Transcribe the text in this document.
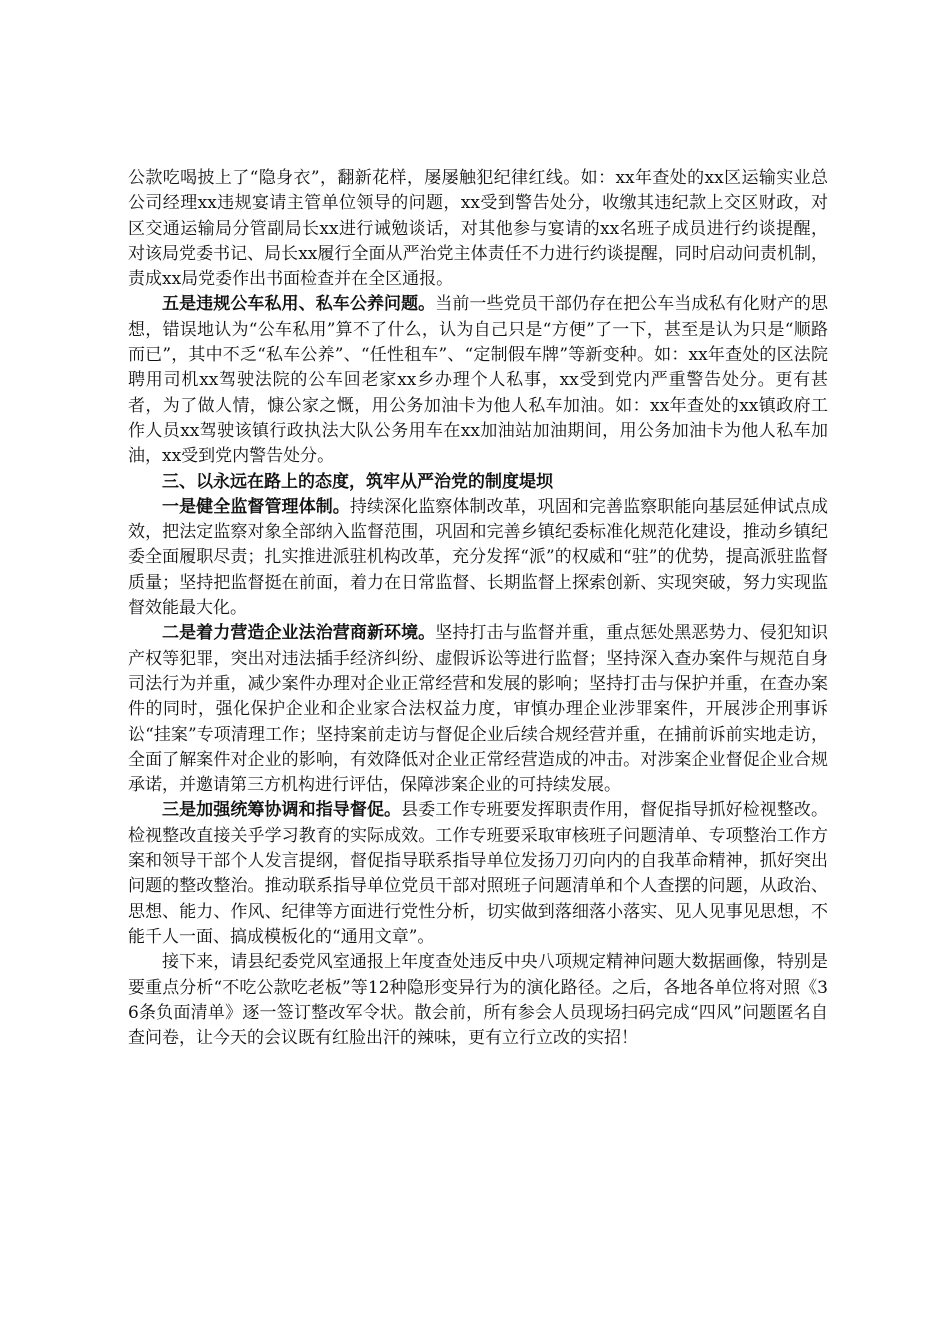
公款吃喝披上了“隐身衣”，翻新花样，屡屡触犯纪律红线。如：xx年查处的xx区运输实业总公司经理xx违规宴请主管单位领导的问题，xx受到警告处分，收缴其违纪款上交区财政，对区交通运输局分管副局长xx进行诫勉谈话，对其他参与宴请的xx名班子成员进行约谈提醒，对该局党委书记、局长xx履行全面从严治党主体责任不力进行约谈提醒，同时启动问责机制，责成xx局党委作出书面检查并在全区通报。

五是违规公车私用、私车公养问题。当前一些党员干部仍存在把公车当成私有化财产的思想，错误地认为“公车私用”算不了什么，认为自己只是“方便”了一下，甚至是认为只是“顺路而已”，其中不乏“私车公养”、“任性租车”、“定制假车牌”等新变种。如：xx年查处的区法院聘用司机xx驾驶法院的公车回老家xx乡办理个人私事，xx受到党内严重警告处分。更有甚者，为了做人情，慷公家之慨，用公务加油卡为他人私车加油。如：xx年查处的xx镇政府工作人员xx驾驶该镇行政执法大队公务用车在xx加油站加油期间，用公务加油卡为他人私车加油，xx受到党内警告处分。

三、以永远在路上的态度，筑牢从严治党的制度堤坝

一是健全监督管理体制。持续深化监察体制改革，巩固和完善监察职能向基层延伸试点成效，把法定监察对象全部纳入监督范围，巩固和完善乡镇纪委标准化规范化建设，推动乡镇纪委全面履职尽责；扎实推进派驻机构改革，充分发挥“派”的权威和“驻”的优势，提高派驻监督质量；坚持把监督挺在前面，着力在日常监督、长期监督上探索创新、实现突破，努力实现监督效能最大化。

二是着力营造企业法治营商新环境。坚持打击与监督并重，重点惩处黑恶势力、侵犯知识产权等犯罪，突出对违法插手经济纠纷、虚假诉讼等进行监督；坚持深入查办案件与规范自身司法行为并重，减少案件办理对企业正常经营和发展的影响；坚持打击与保护并重，在查办案件的同时，强化保护企业和企业家合法权益力度，审慎办理企业涉罪案件，开展涉企刑事诉讼“挂案”专项清理工作；坚持案前走访与督促企业后续合规经营并重，在捕前诉前实地走访，全面了解案件对企业的影响，有效降低对企业正常经营造成的冲击。对涉案企业督促企业合规承诺，并邀请第三方机构进行评估，保障涉案企业的可持续发展。

三是加强统筹协调和指导督促。县委工作专班要发挥职责作用，督促指导抓好检视整改。检视整改直接关乎学习教育的实际成效。工作专班要采取审核班子问题清单、专项整治工作方案和领导干部个人发言提纲，督促指导联系指导单位发扬刀刃向内的自我革命精神，抓好突出问题的整改整治。推动联系指导单位党员干部对照班子问题清单和个人查摆的问题，从政治、思想、能力、作风、纪律等方面进行党性分析，切实做到落细落小落实、见人见事见思想，不能千人一面、搞成模板化的“通用文章”。

接下来，请县纪委党风室通报上年度查处违反中央八项规定精神问题大数据画像，特别是要重点分析“不吃公款吃老板”等12种隐形变异行为的演化路径。之后，各地各单位将对照《36条负面清单》逐一签订整改军令状。散会前，所有参会人员现场扫码完成“四风”问题匿名自查问卷，让今天的会议既有红脸出汗的辣味，更有立行立改的实招！
